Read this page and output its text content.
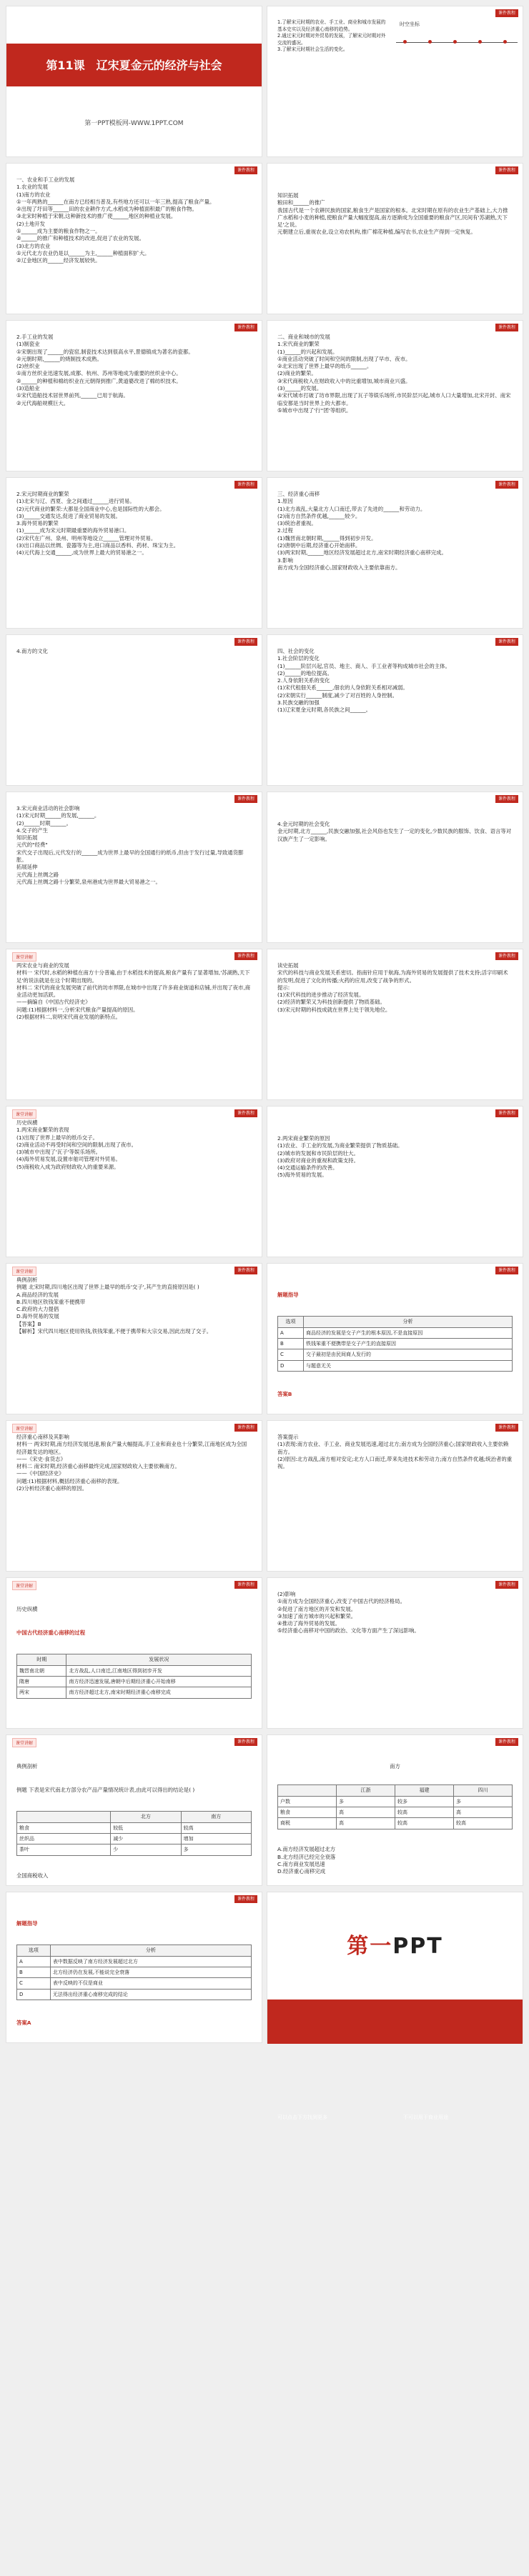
第11课　辽宋夏金元的经济与社会
第一PPT模板网-WWW.1PPT.COM
课件教程
1.了解宋元时期的农业、手工业、商业和城市发展的基本史实以及经济重心南移的趋势。
2.通过宋元时期对外贸易的发展，了解宋元时期对外交流的盛况。
3.了解宋元时期社会生活的变化。
时空坐标
课件教程
一、农业和手工业的发展
1.农业的发展
(1)南方的农业
①一年两熟的______在南方已经相当普及,有些地方还可以一年三熟,提高了粮食产量。
②出现了圩田等______田的农业耕作方式,水稻成为种植面积最广的粮食作物。
③北宋时种植于宋朝,这种新技术的推广使______地区的种植业发展。
(2)土地开发
①______成为主要的粮食作物之一。
②______的推广和种植技术的改进,促进了农业的发展。
(3)北方的农业
①元代北方农业仍是以______为主,______种植面积扩大。
②辽金地区的______经济发展较快。
课件教程
知识拓展
粮田和______的推广
我国古代是一个农耕民族的国家,粮食生产是国家的根本。北宋时期在原有的农业生产基础上,大力推广水稻和小麦的种植,使粮食产量大幅度提高,南方逐渐成为全国重要的粮食产区,民间有'苏湖熟,天下足'之说。
元朝建立后,重视农业,设立劝农机构,推广棉花种植,编写农书,农业生产得到一定恢复。
课件教程
2.手工业的发展
(1)制瓷业
①宋朝出现了______的瓷窑,制瓷技术达到很高水平,景德镇成为著名的瓷都。
②元朝时期,______的烧制技术成熟。
(2)丝织业
①南方丝织业迅速发展,成都、杭州、苏州等地成为重要的丝织业中心。
②______的种植和棉纺织业在元朝得到推广,黄道婆改进了棉纺织技术。
(3)造船业
①宋代造船技术居世界前列,______已用于航海。
②元代海船规模巨大。
课件教程
二、商业和城市的发展
1.宋代商业的繁荣
(1)______的兴起和发展。
①商业活动突破了时间和空间的限制,出现了早市、夜市。
②北宋出现了世界上最早的纸币______。
(2)商业的繁荣。
③宋代商税收入在财政收入中的比重增加,城市商业兴盛。
(3)______的发展。
④宋代城市打破了坊市界限,出现了瓦子等娱乐场所,市民阶层兴起,城市人口大量增加,北宋开封、南宋临安都是当时世界上的大都市。
⑤城市中出现了'行''团'等组织。
课件教程
2.宋元时期商业的繁荣
(1)北宋与辽、西夏、金之间通过______进行贸易。
(2)元代商业的繁荣:大都是全国商业中心,也是国际性的大都会。
(3)______交通发达,促进了商业贸易的发展。
3.海外贸易的繁荣
(1)______成为宋元时期最重要的海外贸易港口。
(2)宋代在广州、泉州、明州等地设立______管理对外贸易。
(3)出口商品以丝绸、瓷器等为主,进口商品以香料、药材、珠宝为主。
(4)元代海上交通______,成为世界上最大的贸易港之一。
课件教程
三、经济重心南移
1.原因
(1)北方战乱,大量北方人口南迁,带去了先进的______和劳动力。
(2)南方自然条件优越,______较少。
(3)统治者重视。
2.过程
(1)魏晋南北朝时期,______得到初步开发。
(2)唐朝中后期,经济重心开始南移。
(3)两宋时期,______地区经济发展超过北方,南宋时期经济重心南移完成。
3.影响
南方成为全国经济重心,国家财政收入主要依靠南方。
课件教程
4.南方的文化
课件教程
四、社会的变化
1.社会阶层的变化
(1)______阶层兴起,官员、地主、商人、手工业者等构成城市社会的主体。
(2)______的地位提高。
2.人身依附关系的变化
(1)宋代租佃关系______,佃农的人身依附关系相对减弱。
(2)宋朝实行______制度,减少了对百姓的人身控制。
3.民族交融的加强
(1)辽宋夏金元时期,各民族之间______。
课件教程
3.宋元商业活动的社会影响
(1)宋元时期______的发展,______。
(2)______时期______。
4.交子的产生
知识拓展
元代的"经费"
宋代交子出现后,元代发行的______成为世界上最早的全国通行的纸币,但由于发行过量,导致通货膨胀。
拓展延伸
元代海上丝绸之路
元代海上丝绸之路十分繁荣,泉州港成为世界最大贸易港之一。
课件教程
4.金元时期的社会变化
金元时期,北方______,民族交融加强,社会风俗也发生了一定的变化,少数民族的服饰、饮食、语言等对汉族产生了一定影响。
课堂讲解	课件教程
两宋农业与商业的发展
材料一 宋代时,水稻的种植在南方十分普遍,由于水稻技术的提高,粮食产量有了显著增加,'苏湖熟,天下足'的说法就是在这个时期出现的。
材料二 宋代的商业发展突破了前代的坊市界限,在城市中出现了许多商业街道和店铺,并出现了夜市,商业活动更加活跃。
——摘编自《中国古代经济史》
问题:(1)根据材料一,分析宋代粮食产量提高的原因。
(2)根据材料二,说明宋代商业发展的新特点。
课件教程
读史拓展
宋代的科技与商业发展关系密切。指南针应用于航海,为海外贸易的发展提供了技术支持;活字印刷术的发明,促进了文化的传播;火药的应用,改变了战争的形式。
提示:
(1)宋代科技的进步推动了经济发展。
(2)经济的繁荣又为科技创新提供了物质基础。
(3)宋元时期的科技成就在世界上处于领先地位。
课堂讲解	课件教程
历史纵横
1.两宋商业繁荣的表现
(1)出现了世界上最早的纸币交子。
(2)商业活动不再受时间和空间的限制,出现了夜市。
(3)城市中出现了'瓦子'等娱乐场所。
(4)海外贸易发展,设置市舶司管理对外贸易。
(5)商税收入成为政府财政收入的重要来源。
课件教程
2.两宋商业繁荣的原因
(1)农业、手工业的发展,为商业繁荣提供了物质基础。
(2)城市的发展和市民阶层的壮大。
(3)政府对商业的重视和政策支持。
(4)交通运输条件的改善。
(5)海外贸易的发展。
课堂讲解	课件教程
典例剖析
例题 北宋时期,四川地区出现了世界上最早的纸币'交子',其产生的直接原因是( )
A.商品经济的发展
B.四川地区铁钱笨重不便携带
C.政府的大力提倡
D.海外贸易的发展
【答案】B
【解析】宋代四川地区使用铁钱,铁钱笨重,不便于携带和大宗交易,因此出现了交子。
课件教程

解题指导

选项	分析
A	商品经济的发展是交子产生的根本原因,不是直接原因
B	铁钱笨重不便携带是交子产生的直接原因
C	交子最初是由民间商人发行的
D	与题意无关

答案B

课堂讲解	课件教程
经济重心南移及其影响
材料一 两宋时期,南方经济发展迅速,粮食产量大幅提高,手工业和商业也十分繁荣,江南地区成为全国经济最发达的地区。
——《宋史·食货志》
材料二 南宋时期,经济重心南移最终完成,国家财政收入主要依赖南方。
——《中国经济史》
问题:(1)根据材料,概括经济重心南移的表现。
(2)分析经济重心南移的原因。
课件教程
答案提示
(1)表现:南方农业、手工业、商业发展迅速,超过北方;南方成为全国经济重心;国家财政收入主要依赖南方。
(2)原因:北方战乱,南方相对安定;北方人口南迁,带来先进技术和劳动力;南方自然条件优越;统治者的重视。
课堂讲解	课件教程

历史纵横

中国古代经济重心南移的过程

时期	发展状况
魏晋南北朝	北方战乱,人口南迁,江南地区得到初步开发
隋唐	南方经济迅速发展,唐朝中后期经济重心开始南移
两宋	南方经济超过北方,南宋时期经济重心南移完成

课件教程
(2)影响
①南方成为全国经济重心,改变了中国古代的经济格局。
②促进了南方地区的开发和发展。
③加速了南方城市的兴起和繁荣。
④推动了海外贸易的发展。
⑤经济重心南移对中国的政治、文化等方面产生了深远影响。
课堂讲解	课件教程

典例剖析

例题 下表是宋代南北方部分农产品产量情况统计表,由此可以得出的结论是( )

	北方	南方
粮食	较低	较高
丝织品	减少	增加
茶叶	少	多

全国商税收入

课件教程

南方

	江浙	福建	四川
户数	多	较多	多
粮食	高	较高	高
商税	高	较高	较高

A.南方经济发展超过北方
B.北方经济已经完全衰落
C.南方商业发展迅速
D.经济重心南移完成

课件教程

解题指导

选项	分析
A	表中数据反映了南方经济发展超过北方
B	北方经济仍在发展,不能说完全衰落
C	表中反映的不仅是商业
D	无法得出经济重心南移完成的结论

答案A

第一PPT
可以点击下方找到更多	不可以用于商业用途
